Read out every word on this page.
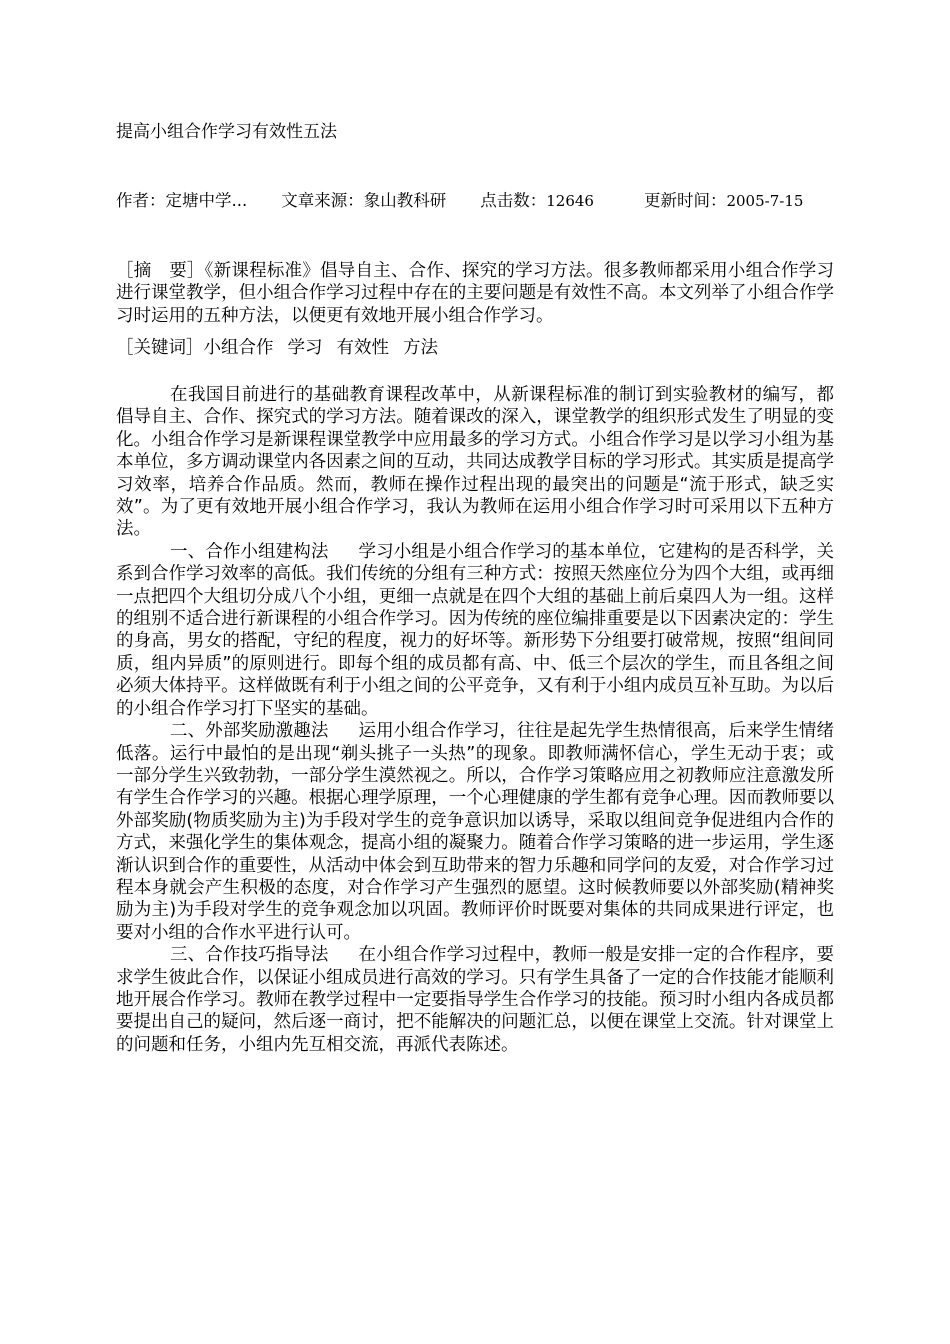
提高小组合作学习有效性五法
作者：定塘中学... 文章来源：象山教科研 点击数：12646	更新时间：2005-7-15
［摘　要］《新课程标准》倡导自主、合作、探究的学习方法。很多教师都采用小组合作学习进行课堂教学，但小组合作学习过程中存在的主要问题是有效性不高。本文列举了小组合作学习时运用的五种方法，以便更有效地开展小组合作学习。
［关键词］小组合作 学习 有效性 方法

在我国目前进行的基础教育课程改革中，从新课程标准的制订到实验教材的编写，都倡导自主、合作、探究式的学习方法。随着课改的深入，课堂教学的组织形式发生了明显的变化。小组合作学习是新课程课堂教学中应用最多的学习方式。小组合作学习是以学习小组为基本单位，多方调动课堂内各因素之间的互动，共同达成教学目标的学习形式。其实质是提高学习效率，培养合作品质。然而，教师在操作过程出现的最突出的问题是“流于形式，缺乏实效”。为了更有效地开展小组合作学习，我认为教师在运用小组合作学习时可采用以下五种方法。

一、合作小组建构法 学习小组是小组合作学习的基本单位，它建构的是否科学，关系到合作学习效率的高低。我们传统的分组有三种方式：按照天然座位分为四个大组，或再细一点把四个大组切分成八个小组，更细一点就是在四个大组的基础上前后桌四人为一组。这样的组别不适合进行新课程的小组合作学习。因为传统的座位编排重要是以下因素决定的：学生的身高，男女的搭配，守纪的程度，视力的好坏等。新形势下分组要打破常规，按照“组间同质，组内异质”的原则进行。即每个组的成员都有高、中、低三个层次的学生，而且各组之间必须大体持平。这样做既有利于小组之间的公平竞争，又有利于小组内成员互补互助。为以后的小组合作学习打下坚实的基础。

二、外部奖励激趣法 运用小组合作学习，往往是起先学生热情很高，后来学生情绪低落。运行中最怕的是出现“剃头挑子一头热”的现象。即教师满怀信心，学生无动于衷；或一部分学生兴致勃勃，一部分学生漠然视之。所以，合作学习策略应用之初教师应注意激发所有学生合作学习的兴趣。根据心理学原理，一个心理健康的学生都有竞争心理。因而教师要以外部奖励(物质奖励为主)为手段对学生的竞争意识加以诱导，采取以组间竞争促进组内合作的方式，来强化学生的集体观念，提高小组的凝聚力。随着合作学习策略的进一步运用，学生逐渐认识到合作的重要性，从活动中体会到互助带来的智力乐趣和同学问的友爱，对合作学习过程本身就会产生积极的态度，对合作学习产生强烈的愿望。这时候教师要以外部奖励(精神奖励为主)为手段对学生的竞争观念加以巩固。教师评价时既要对集体的共同成果进行评定，也要对小组的合作水平进行认可。

三、合作技巧指导法 在小组合作学习过程中，教师一般是安排一定的合作程序，要求学生彼此合作，以保证小组成员进行高效的学习。只有学生具备了一定的合作技能才能顺利地开展合作学习。教师在教学过程中一定要指导学生合作学习的技能。预习时小组内各成员都要提出自己的疑问，然后逐一商讨，把不能解决的问题汇总，以便在课堂上交流。针对课堂上的问题和任务，小组内先互相交流，再派代表陈述。
